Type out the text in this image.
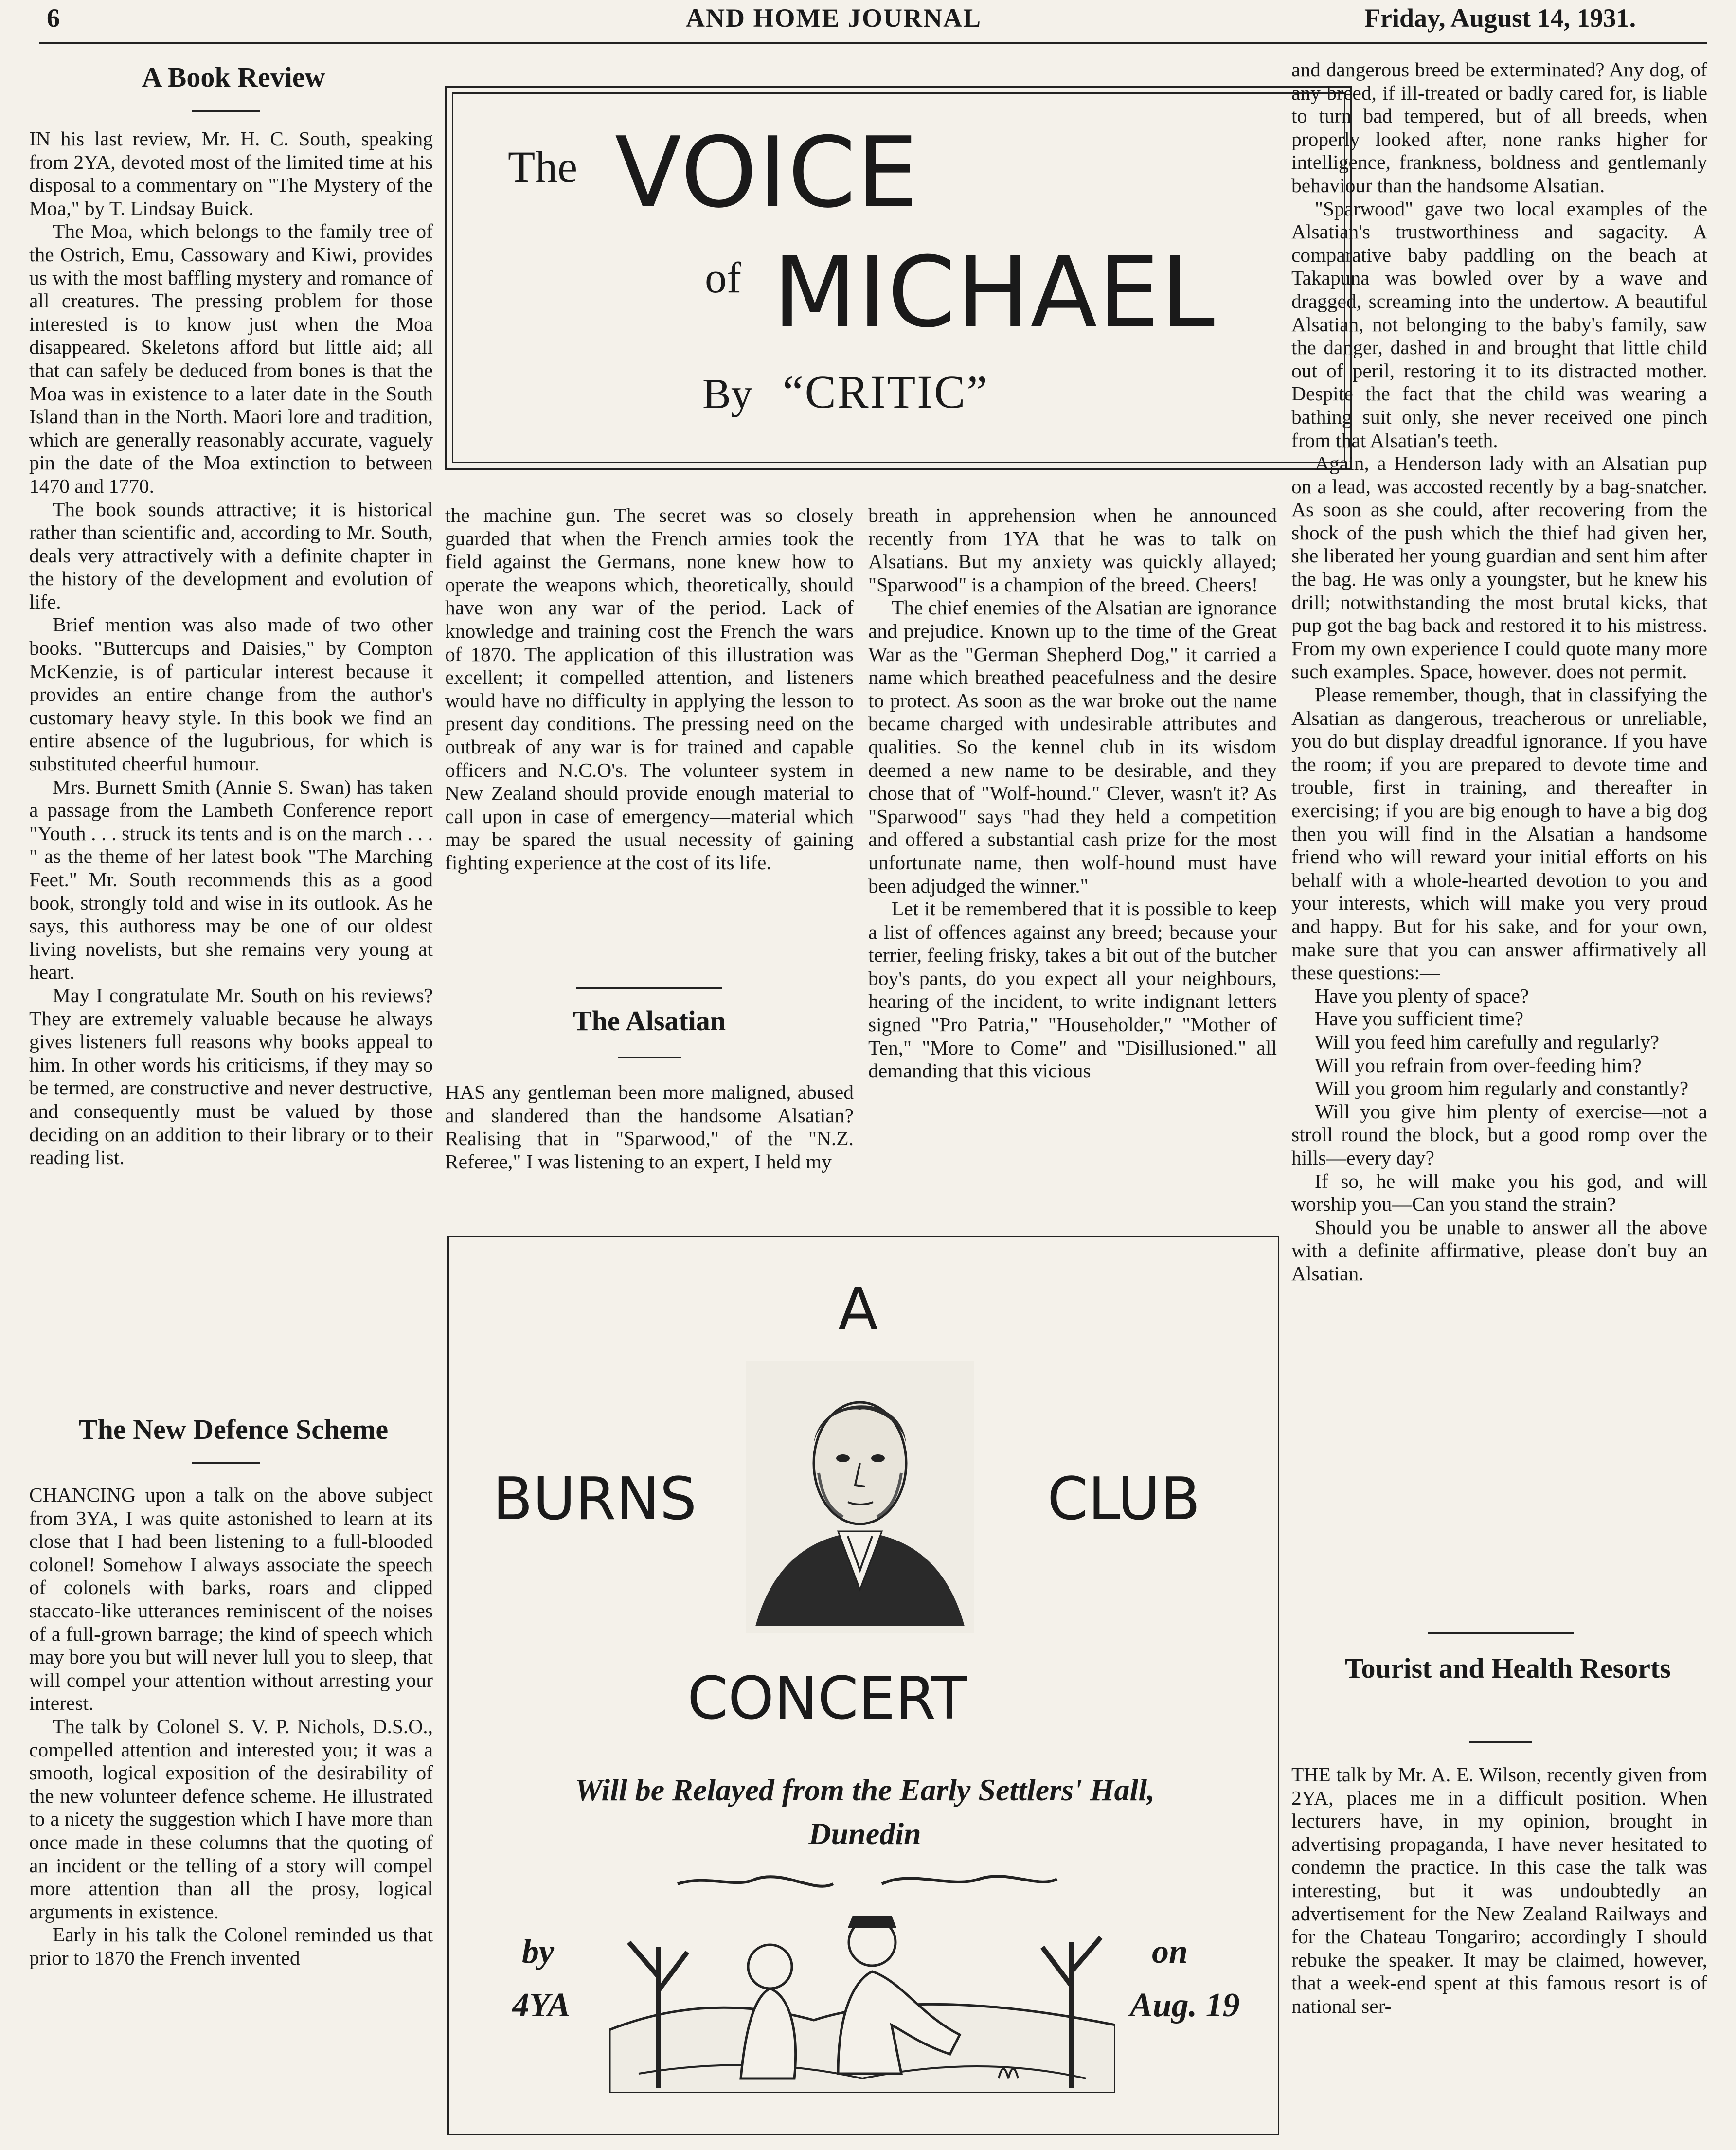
6	AND HOME JOURNAL	Friday, August 14, 1931.
A Book Review

IN his last review, Mr. H. C. South, speaking from 2YA, devoted most of the limited time at his disposal to a commentary on "The Mystery of the Moa," by T. Lindsay Buick.

The Moa, which belongs to the family tree of the Ostrich, Emu, Cassowary and Kiwi, provides us with the most baffling mystery and romance of all creatures. The pressing problem for those interested is to know just when the Moa disappeared. Skeletons afford but little aid; all that can safely be deduced from bones is that the Moa was in existence to a later date in the South Island than in the North. Maori lore and tradition, which are generally reasonably accurate, vaguely pin the date of the Moa extinction to between 1470 and 1770.

The book sounds attractive; it is historical rather than scientific and, according to Mr. South, deals very attractively with a definite chapter in the history of the development and evolution of life.

Brief mention was also made of two other books. "Buttercups and Daisies," by Compton McKenzie, is of particular interest because it provides an entire change from the author's customary heavy style. In this book we find an entire absence of the lugubrious, for which is substituted cheerful humour.

Mrs. Burnett Smith (Annie S. Swan) has taken a passage from the Lambeth Conference report "Youth . . . struck its tents and is on the march . . . " as the theme of her latest book "The Marching Feet." Mr. South recommends this as a good book, strongly told and wise in its outlook. As he says, this authoress may be one of our oldest living novelists, but she remains very young at heart.

May I congratulate Mr. South on his reviews? They are extremely valuable because he always gives listeners full reasons why books appeal to him. In other words his criticisms, if they may so be termed, are constructive and never destructive, and consequently must be valued by those deciding on an addition to their library or to their reading list.

The New Defence Scheme

CHANCING upon a talk on the above subject from 3YA, I was quite astonished to learn at its close that I had been listening to a full-blooded colonel! Somehow I always associate the speech of colonels with barks, roars and clipped staccato-like utterances reminiscent of the noises of a full-grown barrage; the kind of speech which may bore you but will never lull you to sleep, that will compel your attention without arresting your interest.

The talk by Colonel S. V. P. Nichols, D.S.O., compelled attention and interested you; it was a smooth, logical exposition of the desirability of the new volunteer defence scheme. He illustrated to a nicety the suggestion which I have more than once made in these columns that the quoting of an incident or the telling of a story will compel more attention than all the prosy, logical arguments in existence.

Early in his talk the Colonel reminded us that prior to 1870 the French invented

The VOICE
of MICHAEL
By “CRITIC”

the machine gun. The secret was so closely guarded that when the French armies took the field against the Germans, none knew how to operate the weapons which, theoretically, should have won any war of the period. Lack of knowledge and training cost the French the wars of 1870. The application of this illustration was excellent; it compelled attention, and listeners would have no difficulty in applying the lesson to present day conditions. The pressing need on the outbreak of any war is for trained and capable officers and N.C.O's. The volunteer system in New Zealand should provide enough material to call upon in case of emergency—material which may be spared the usual necessity of gaining fighting experience at the cost of its life.

The Alsatian

HAS any gentleman been more maligned, abused and slandered than the handsome Alsatian? Realising that in "Sparwood," of the "N.Z. Referee," I was listening to an expert, I held my

breath in apprehension when he announced recently from 1YA that he was to talk on Alsatians. But my anxiety was quickly allayed; "Sparwood" is a champion of the breed. Cheers!

The chief enemies of the Alsatian are ignorance and prejudice. Known up to the time of the Great War as the "German Shepherd Dog," it carried a name which breathed peacefulness and the desire to protect. As soon as the war broke out the name became charged with undesirable attributes and qualities. So the kennel club in its wisdom deemed a new name to be desirable, and they chose that of "Wolf-hound." Clever, wasn't it? As "Sparwood" says "had they held a competition and offered a substantial cash prize for the most unfortunate name, then wolf-hound must have been adjudged the winner."

Let it be remembered that it is possible to keep a list of offences against any breed; because your terrier, feeling frisky, takes a bit out of the butcher boy's pants, do you expect all your neighbours, hearing of the incident, to write indignant letters signed "Pro Patria," "Householder," "Mother of Ten," "More to Come" and "Disillusioned." all demanding that this vicious

A
BURNS	CLUB
CONCERT
Will be Relayed from the Early Settlers' Hall,
Dunedin
by
4YA
on
Aug. 19

and dangerous breed be exterminated? Any dog, of any breed, if ill-treated or badly cared for, is liable to turn bad tempered, but of all breeds, when properly looked after, none ranks higher for intelligence, frankness, boldness and gentlemanly behaviour than the handsome Alsatian.

"Sparwood" gave two local examples of the Alsatian's trustworthiness and sagacity. A comparative baby paddling on the beach at Takapuna was bowled over by a wave and dragged, screaming into the undertow. A beautiful Alsatian, not belonging to the baby's family, saw the danger, dashed in and brought that little child out of peril, restoring it to its distracted mother. Despite the fact that the child was wearing a bathing suit only, she never received one pinch from that Alsatian's teeth.

Again, a Henderson lady with an Alsatian pup on a lead, was accosted recently by a bag-snatcher. As soon as she could, after recovering from the shock of the push which the thief had given her, she liberated her young guardian and sent him after the bag. He was only a youngster, but he knew his drill; notwithstanding the most brutal kicks, that pup got the bag back and restored it to his mistress. From my own experience I could quote many more such examples. Space, however. does not permit.

Please remember, though, that in classifying the Alsatian as dangerous, treacherous or unreliable, you do but display dreadful ignorance. If you have the room; if you are prepared to devote time and trouble, first in training, and thereafter in exercising; if you are big enough to have a big dog then you will find in the Alsatian a handsome friend who will reward your initial efforts on his behalf with a whole-hearted devotion to you and your interests, which will make you very proud and happy. But for his sake, and for your own, make sure that you can answer affirmatively all these questions:—

Have you plenty of space?

Have you sufficient time?

Will you feed him carefully and regularly?

Will you refrain from over-feeding him?

Will you groom him regularly and constantly?

Will you give him plenty of exercise—not a stroll round the block, but a good romp over the hills—every day?

If so, he will make you his god, and will worship you—Can you stand the strain?

Should you be unable to answer all the above with a definite affirmative, please don't buy an Alsatian.

Tourist and Health Resorts

THE talk by Mr. A. E. Wilson, recently given from 2YA, places me in a difficult position. When lecturers have, in my opinion, brought in advertising propaganda, I have never hesitated to condemn the practice. In this case the talk was interesting, but it was undoubtedly an advertisement for the New Zealand Railways and for the Chateau Tongariro; accordingly I should rebuke the speaker. It may be claimed, however, that a week-end spent at this famous resort is of national ser-
